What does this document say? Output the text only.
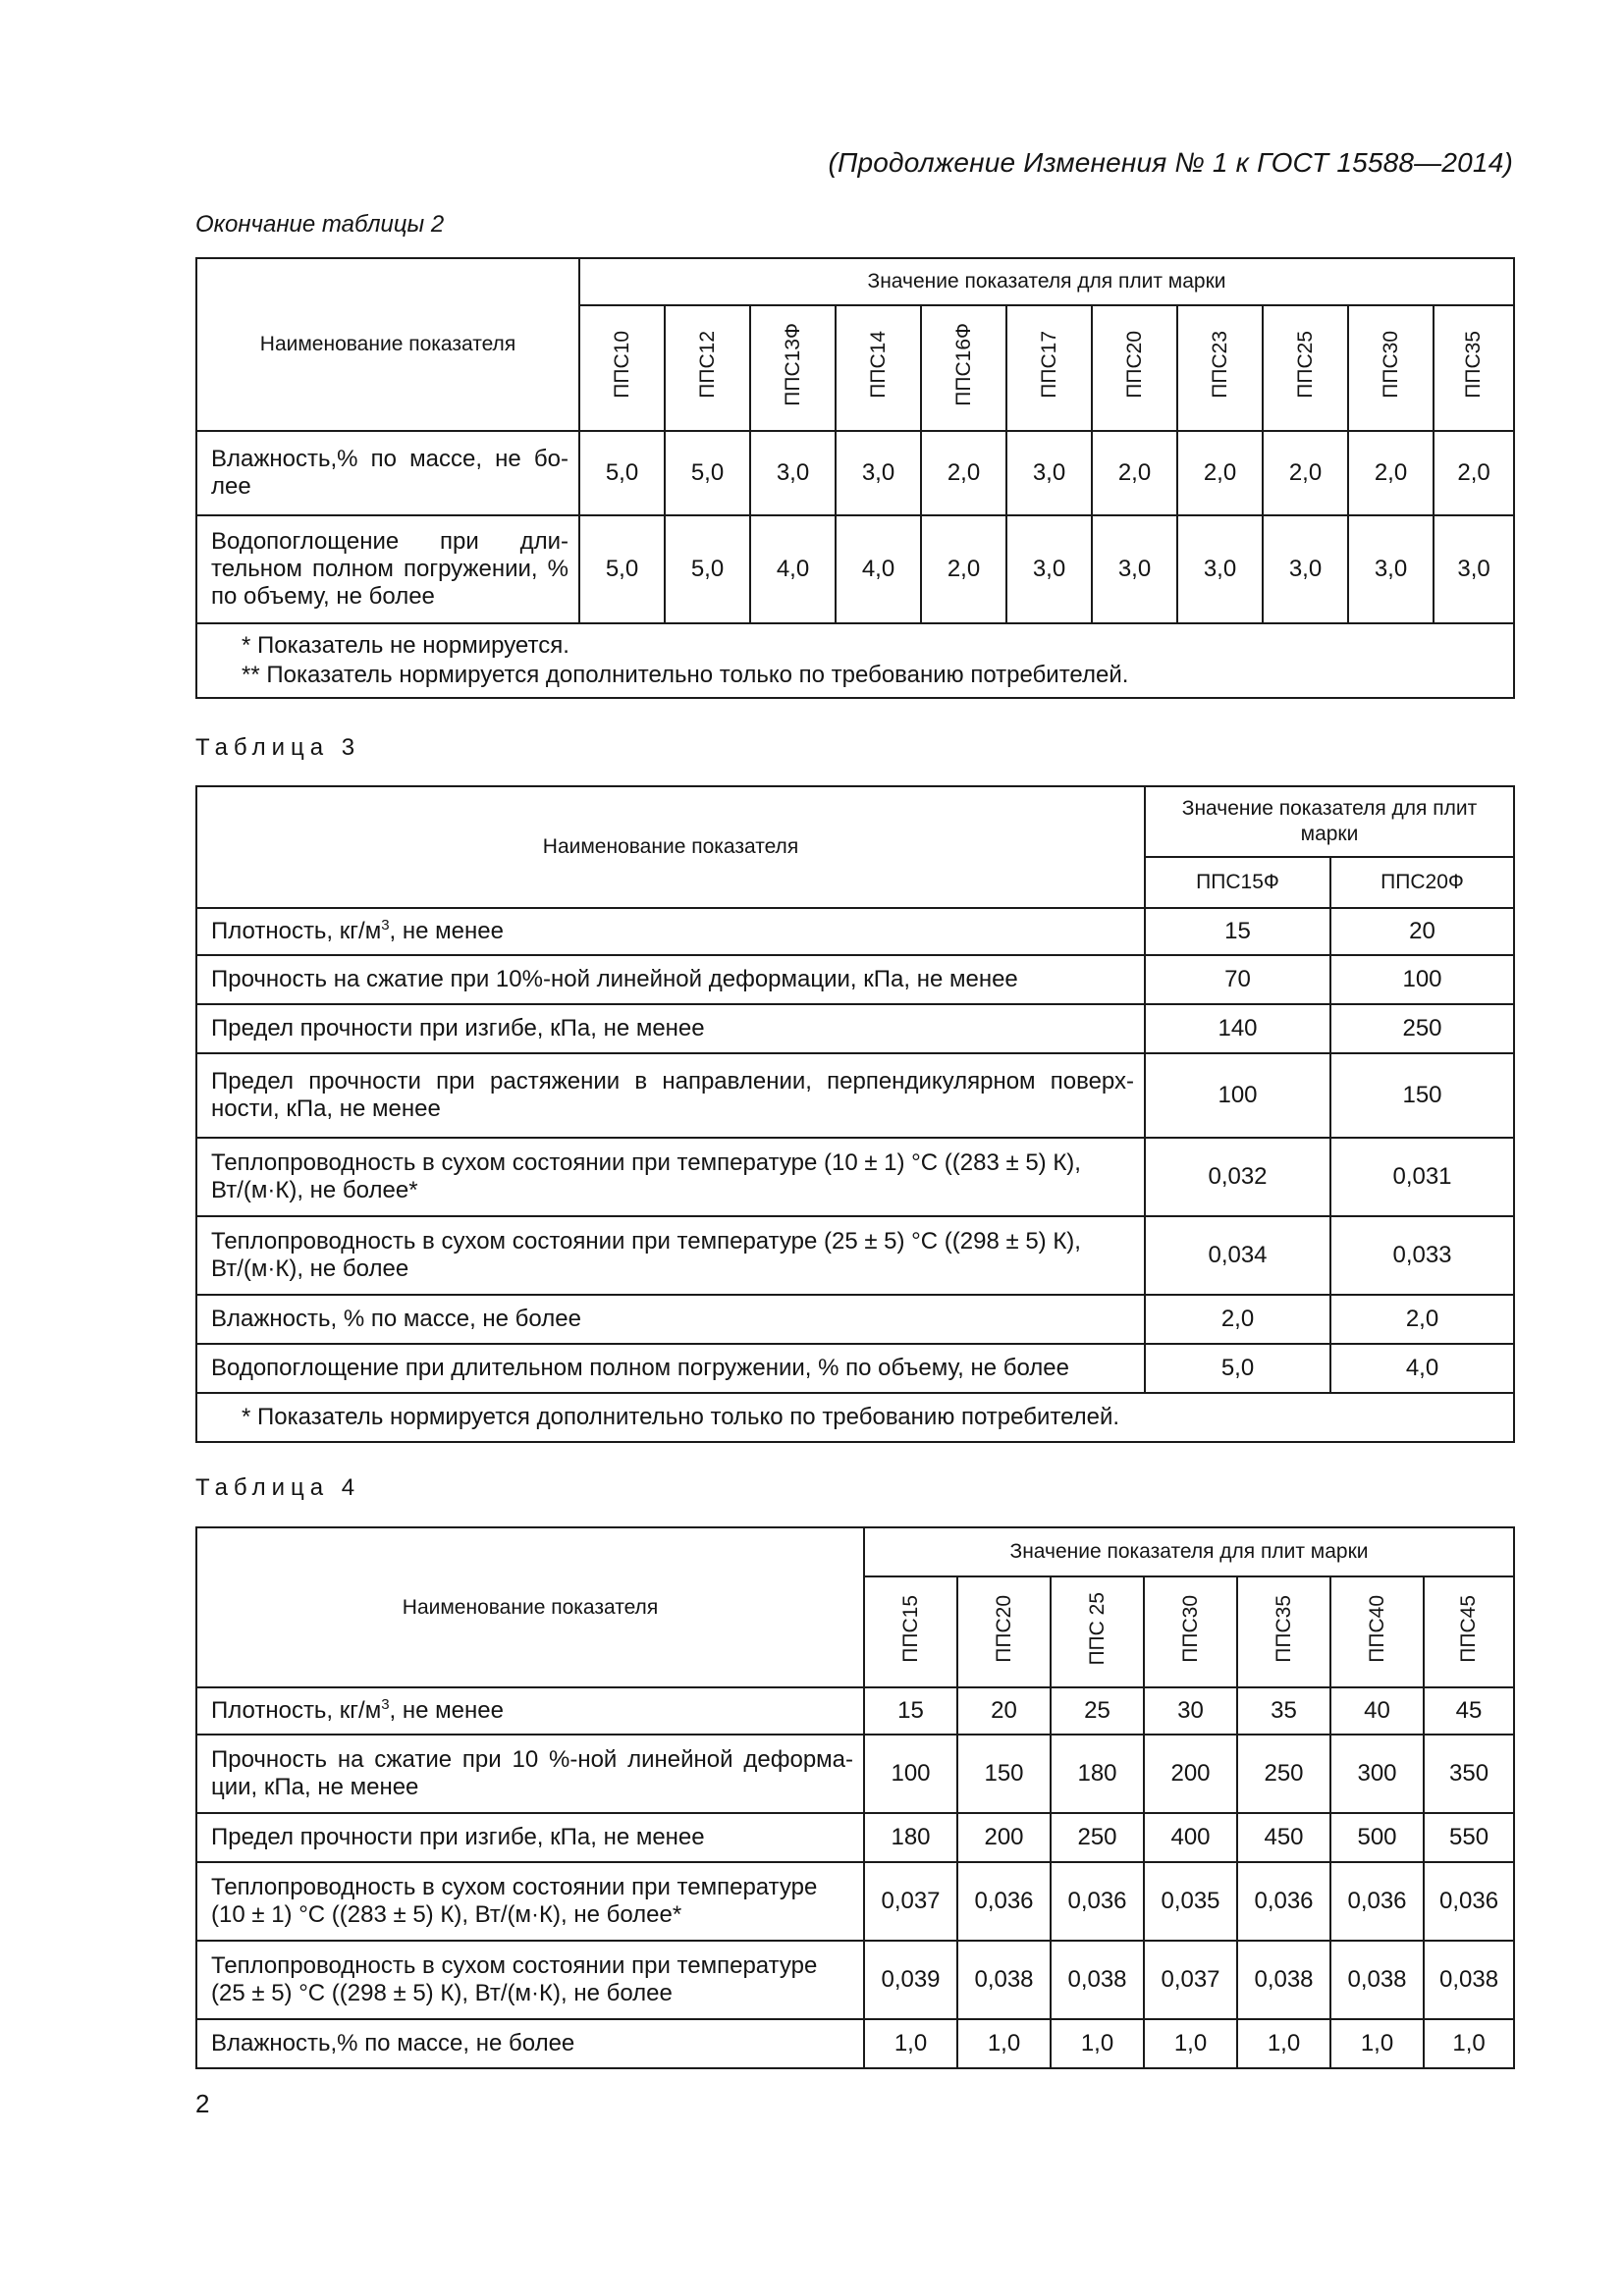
(Продолжение Изменения № 1 к ГОСТ 15588—2014)
Окончание таблицы 2
Наименование показателя	Значение показателя для плит марки										
	ППС10	ППС12	ППС13Ф	ППС14	ППС16Ф	ППС17	ППС20	ППС23	ППС25	ППС30	ППС35
Влажность,% по массе, не бо- лее	5,0	5,0	3,0	3,0	2,0	3,0	2,0	2,0	2,0	2,0	2,0
Водопоглощение при дли- тельном полном погружении, % по объему, не более	5,0	5,0	4,0	4,0	2,0	3,0	3,0	3,0	3,0	3,0	3,0

* Показатель не нормируется.
** Показатель нормируется дополнительно только по требованию потребителей.											
Таблица 3
Наименование показателя	Значение показателя для плит марки	
	ППС15Ф	ППС20Ф
Плотность, $кг/м^3$, не менее	15	20
Прочность на сжатие при 10%-ной линейной деформации, кПа, не менее	70	100
Предел прочности при изгибе, кПа, не менее	140	250
Предел прочности при растяжении в направлении, перпендикулярном поверх- ности, кПа, не менее	100	150
Теплопроводность в сухом состоянии при температуре (10 ± 1) °С ((283 ± 5) К), Вт/(м·К), не более*	0,032	0,031
Теплопроводность в сухом состоянии при температуре (25 ± 5) °С ((298 ± 5) К), Вт/(м·К), не более	0,034	0,033
Влажность, % по массе, не более	2,0	2,0
Водопоглощение при длительном полном погружении, % по объему, не более	5,0	4,0
* Показатель нормируется дополнительно только по требованию потребителей.		
Таблица 4
Наименование показателя	Значение показателя для плит марки						
	ППС15	ППС20	ППС 25	ППС30	ППС35	ППС40	ППС45
Плотность, $кг/м^3$, не менее	15	20	25	30	35	40	45
Прочность на сжатие при 10 %-ной линейной деформа- ции, кПа, не менее	100	150	180	200	250	300	350
Предел прочности при изгибе, кПа, не менее	180	200	250	400	450	500	550
Теплопроводность в сухом состоянии при температуре (10 ± 1) °С ((283 ± 5) К), Вт/(м·К), не более*	0,037	0,036	0,036	0,035	0,036	0,036	0,036
Теплопроводность в сухом состоянии при температуре (25 ± 5) °С ((298 ± 5) К), Вт/(м·К), не более	0,039	0,038	0,038	0,037	0,038	0,038	0,038
Влажность,% по массе, не более	1,0	1,0	1,0	1,0	1,0	1,0	1,0
2
